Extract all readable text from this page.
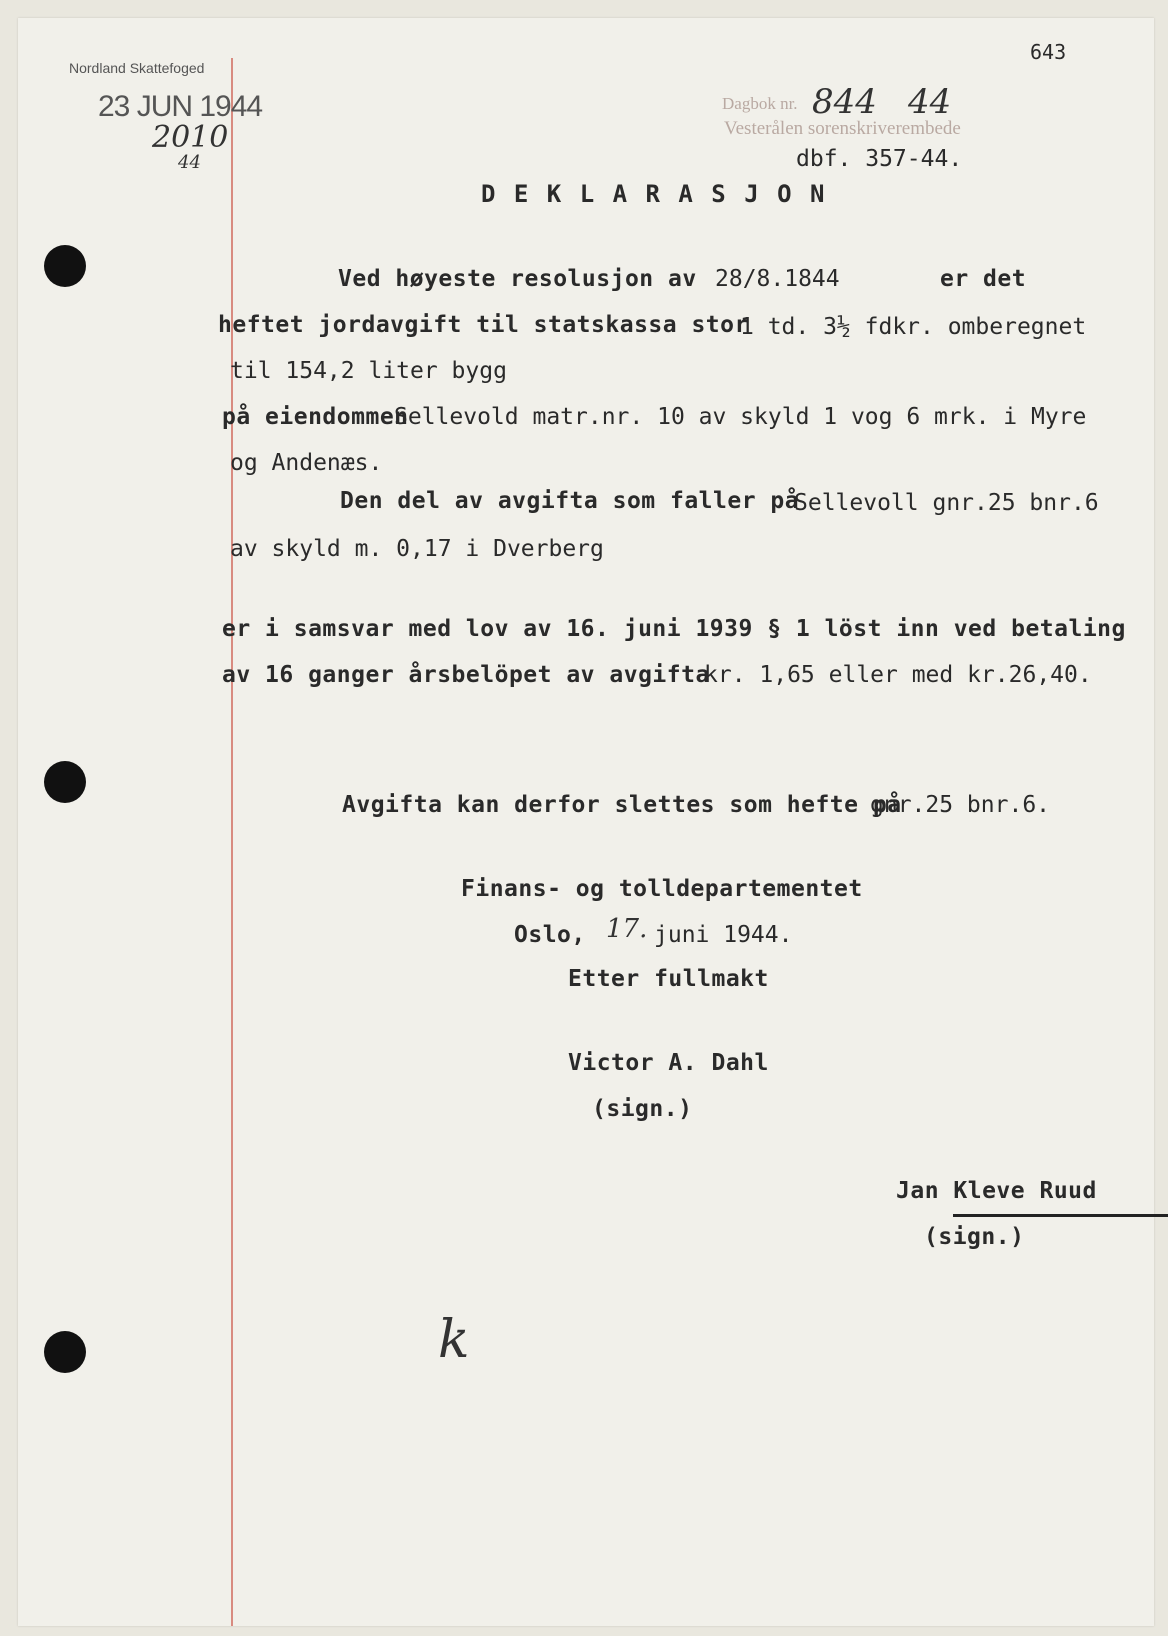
643
Nordland Skattefoged
23 JUN 1944
2010
44
Dagbok nr. 844 44
Vesterålen sorenskriverembede
dbf. 357-44.
D E K L A R A S J O N
Ved høyeste resolusjon av 28/8.1844	er det
heftet jordavgift til statskassa stor
1 td. 3½ fdkr. omberegnet
til 154,2 liter bygg
på eiendommen
Sellevold matr.nr. 10 av skyld 1 vog 6 mrk. i Myre
og Andenæs.
Den del av avgifta som faller på
Sellevoll gnr.25 bnr.6
av skyld m. 0,17 i Dverberg
er i samsvar med lov av 16. juni 1939 § 1 löst inn ved betaling
av 16 ganger årsbelöpet av avgifta
kr. 1,65 eller med kr.26,40.
Avgifta kan derfor slettes som hefte på
gnr.25 bnr.6.
Finans- og tolldepartementet
Oslo, 17. juni 1944.
Etter fullmakt
Victor A. Dahl
(sign.)
Jan Kleve Ruud
(sign.)
k
